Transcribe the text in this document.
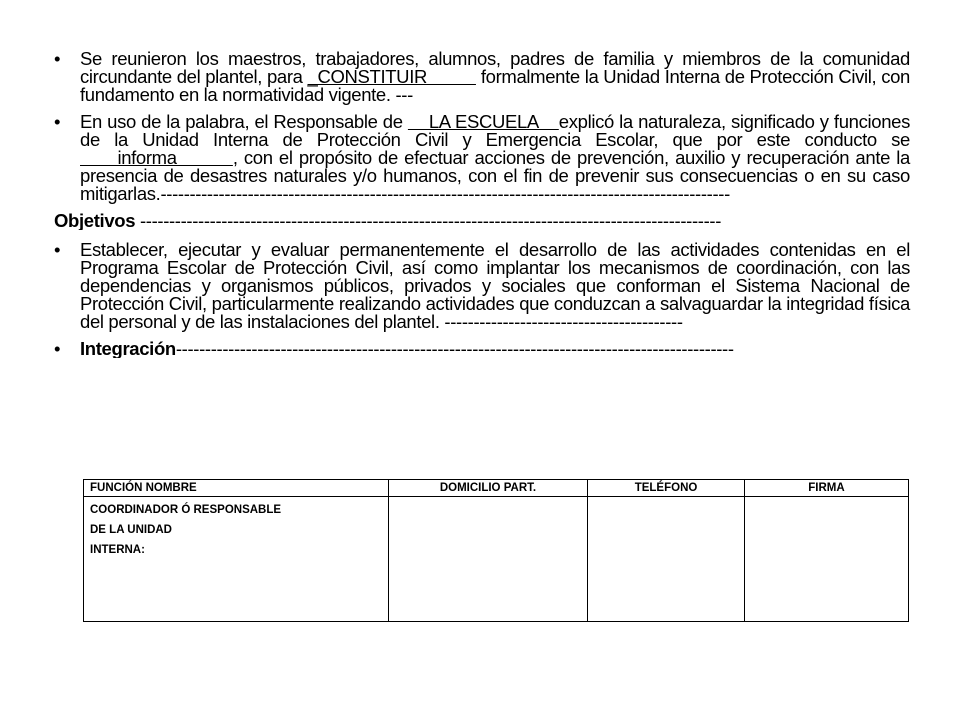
• Se reunieron los maestros, trabajadores, alumnos, padres de familia y miembros de la comunidad circundante del plantel, para _CONSTITUIR           formalmente la Unidad Interna de Protección Civil, con fundamento en la normatividad vigente. ---
• En uso de la palabra, el Responsable de     LA ESCUELA    explicó la naturaleza, significado y funciones de la Unidad Interna de Protección Civil y Emergencia Escolar, que por este conducto se       informa         , con el propósito de efectuar acciones de prevención, auxilio y recuperación ante la presencia de desastres naturales y/o humanos, con el fin de prevenir sus consecuencias o en su caso mitigarlas.--------------------------------------------------------------------------------------------------
Objetivos ----------------------------------------------------------------------------------------------------
• Establecer, ejecutar y evaluar permanentemente el desarrollo de las actividades contenidas en el Programa Escolar de Protección Civil, así como implantar los mecanismos de coordinación, con las dependencias y organismos públicos, privados y sociales que conforman el Sistema Nacional de Protección Civil, particularmente realizando actividades que conduzcan a salvaguardar la integridad física del personal y de las instalaciones del plantel. -----------------------------------------
• Integración------------------------------------------------------------------------------------------------
FUNCIÓN NOMBRE	DOMICILIO PART.	TELÉFONO	FIRMA

COORDINADOR Ó RESPONSABLE
DE LA UNIDAD
INTERNA:			
